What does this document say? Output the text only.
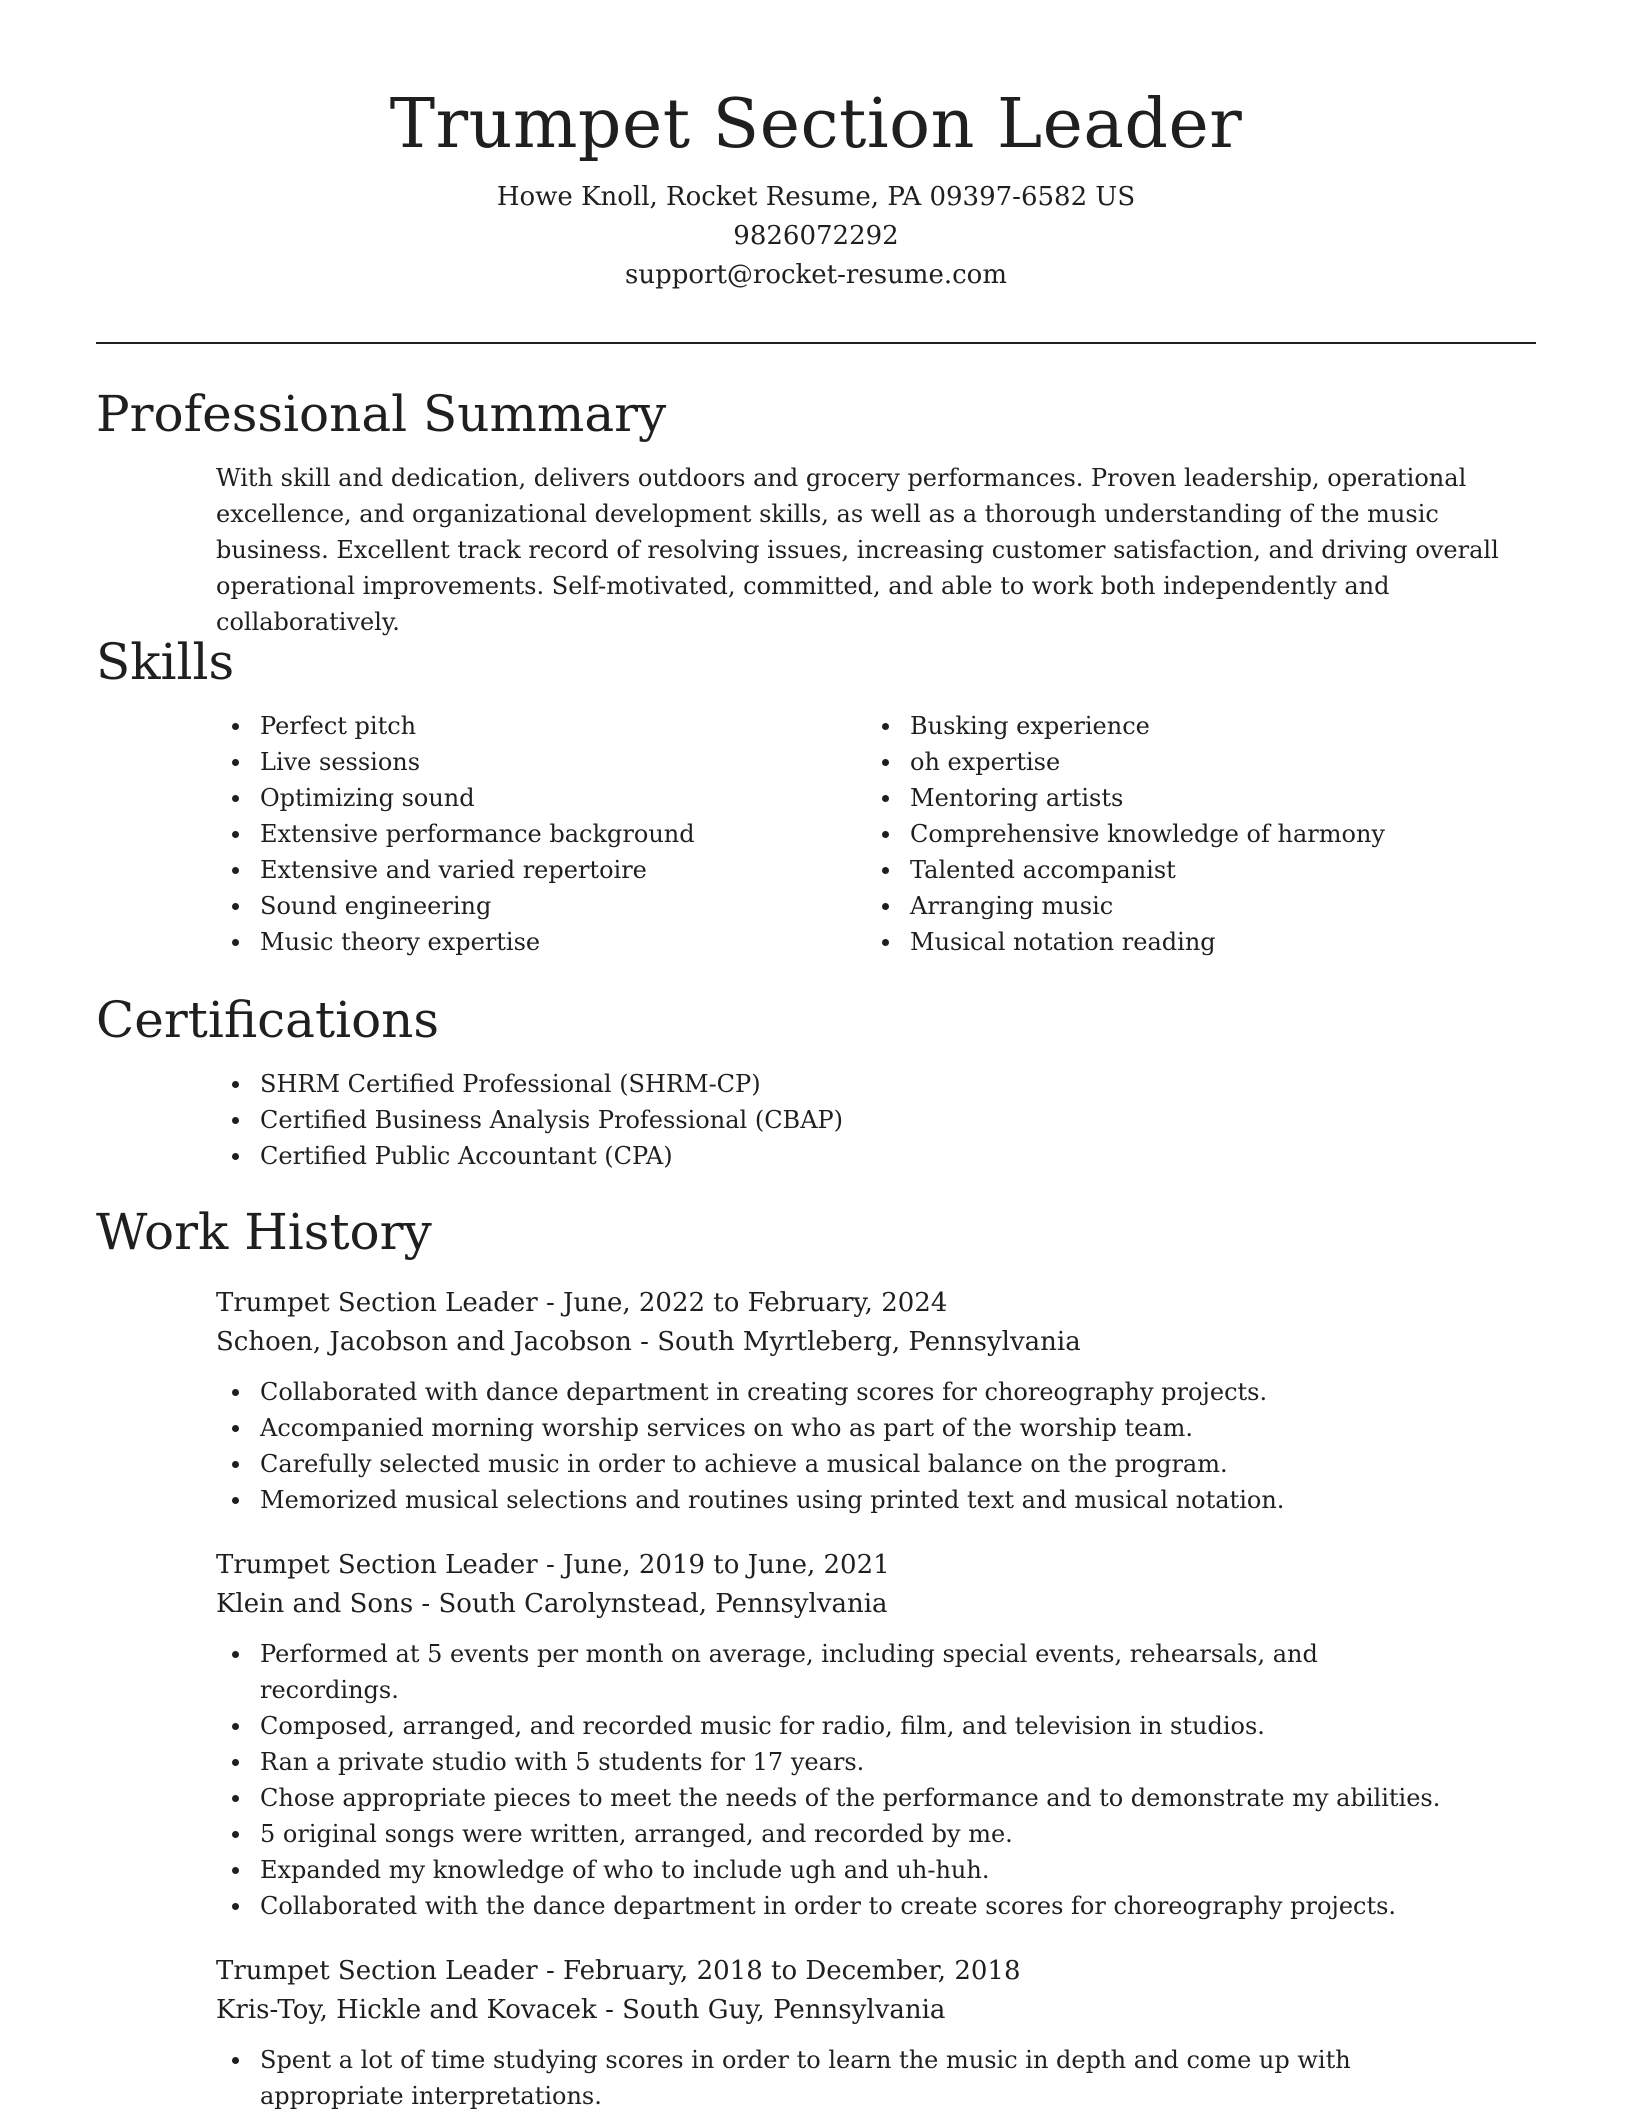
Trumpet Section Leader

Howe Knoll, Rocket Resume, PA 09397-6582 US

9826072292

support@rocket-resume.com

Professional Summary

With skill and dedication, delivers outdoors and grocery performances. Proven leadership, operational excellence, and organizational development skills, as well as a thorough understanding of the music business. Excellent track record of resolving issues, increasing customer satisfaction, and driving overall operational improvements. Self-motivated, committed, and able to work both independently and collaboratively.

Skills
Perfect pitch
Live sessions
Optimizing sound
Extensive performance background
Extensive and varied repertoire
Sound engineering
Music theory expertise
Busking experience
oh expertise
Mentoring artists
Comprehensive knowledge of harmony
Talented accompanist
Arranging music
Musical notation reading
Certifications
SHRM Certified Professional (SHRM-CP)
Certified Business Analysis Professional (CBAP)
Certified Public Accountant (CPA)
Work History

Trumpet Section Leader - June, 2022 to February, 2024

Schoen, Jacobson and Jacobson - South Myrtleberg, Pennsylvania

Collaborated with dance department in creating scores for choreography projects.
Accompanied morning worship services on who as part of the worship team.
Carefully selected music in order to achieve a musical balance on the program.
Memorized musical selections and routines using printed text and musical notation.

Trumpet Section Leader - June, 2019 to June, 2021

Klein and Sons - South Carolynstead, Pennsylvania

Performed at 5 events per month on average, including special events, rehearsals, and recordings.
Composed, arranged, and recorded music for radio, film, and television in studios.
Ran a private studio with 5 students for 17 years.
Chose appropriate pieces to meet the needs of the performance and to demonstrate my abilities.
5 original songs were written, arranged, and recorded by me.
Expanded my knowledge of who to include ugh and uh-huh.
Collaborated with the dance department in order to create scores for choreography projects.

Trumpet Section Leader - February, 2018 to December, 2018

Kris-Toy, Hickle and Kovacek - South Guy, Pennsylvania

Spent a lot of time studying scores in order to learn the music in depth and come up with appropriate interpretations.
